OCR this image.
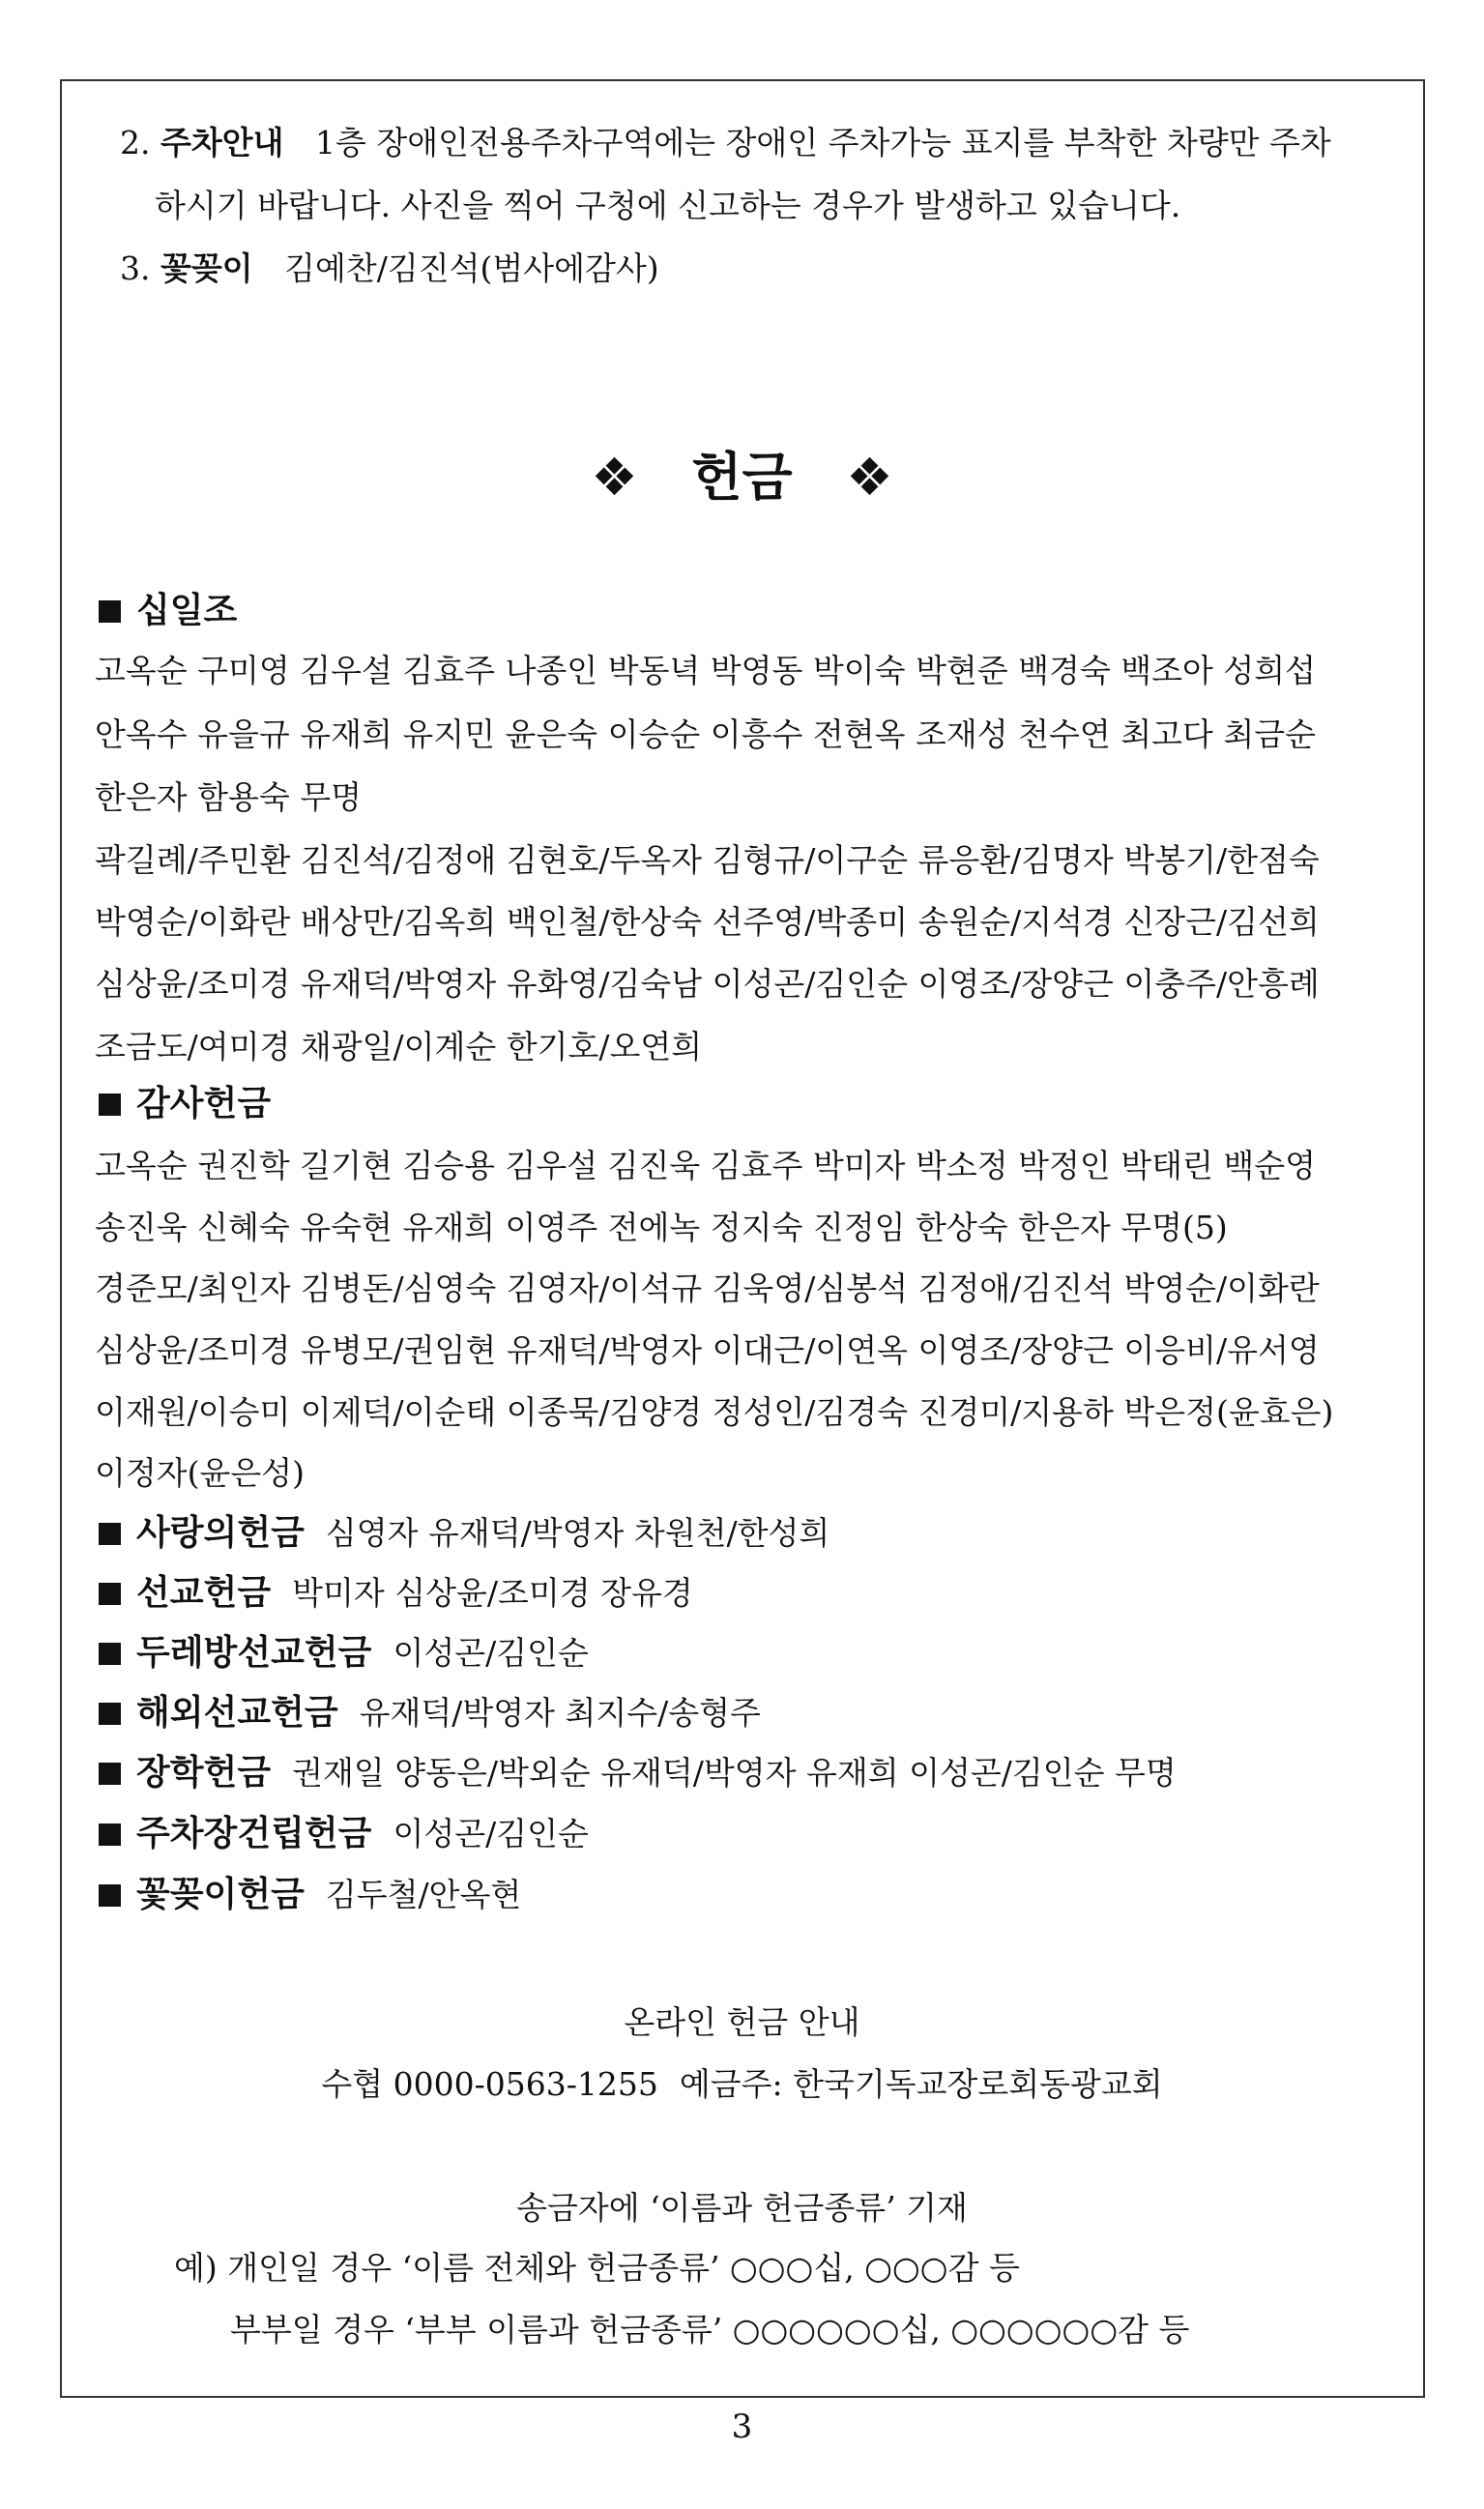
2. 주차안내 1층 장애인전용주차구역에는 장애인 주차가능 표지를 부착한 차량만 주차
하시기 바랍니다. 사진을 찍어 구청에 신고하는 경우가 발생하고 있습니다.
3. 꽃꽂이 김예찬/김진석(범사에감사)
❖ 헌금 ❖
십일조
고옥순 구미영 김우설 김효주 나종인 박동녁 박영동 박이숙 박현준 백경숙 백조아 성희섭
안옥수 유을규 유재희 유지민 윤은숙 이승순 이흥수 전현옥 조재성 천수연 최고다 최금순
한은자 함용숙 무명
곽길례/주민환 김진석/김정애 김현호/두옥자 김형규/이구순 류응환/김명자 박봉기/한점숙
박영순/이화란 배상만/김옥희 백인철/한상숙 선주영/박종미 송원순/지석경 신장근/김선희
심상윤/조미경 유재덕/박영자 유화영/김숙남 이성곤/김인순 이영조/장양근 이충주/안흥례
조금도/여미경 채광일/이계순 한기호/오연희
감사헌금
고옥순 권진학 길기현 김승용 김우설 김진욱 김효주 박미자 박소정 박정인 박태린 백순영
송진욱 신혜숙 유숙현 유재희 이영주 전에녹 정지숙 진정임 한상숙 한은자 무명(5)
경준모/최인자 김병돈/심영숙 김영자/이석규 김욱영/심봉석 김정애/김진석 박영순/이화란
심상윤/조미경 유병모/권임현 유재덕/박영자 이대근/이연옥 이영조/장양근 이응비/유서영
이재원/이승미 이제덕/이순태 이종묵/김양경 정성인/김경숙 진경미/지용하 박은정(윤효은)
이정자(윤은성)
사랑의헌금 심영자 유재덕/박영자 차원천/한성희
선교헌금 박미자 심상윤/조미경 장유경
두레방선교헌금 이성곤/김인순
해외선교헌금 유재덕/박영자 최지수/송형주
장학헌금 권재일 양동은/박외순 유재덕/박영자 유재희 이성곤/김인순 무명
주차장건립헌금 이성곤/김인순
꽃꽂이헌금 김두철/안옥현
온라인 헌금 안내
수협 0000-0563-1255 예금주: 한국기독교장로회동광교회
송금자에 ‘이름과 헌금종류’ 기재
예) 개인일 경우 ‘이름 전체와 헌금종류’ ○○○십, ○○○감 등
부부일 경우 ‘부부 이름과 헌금종류’ ○○○○○○십, ○○○○○○감 등
3
